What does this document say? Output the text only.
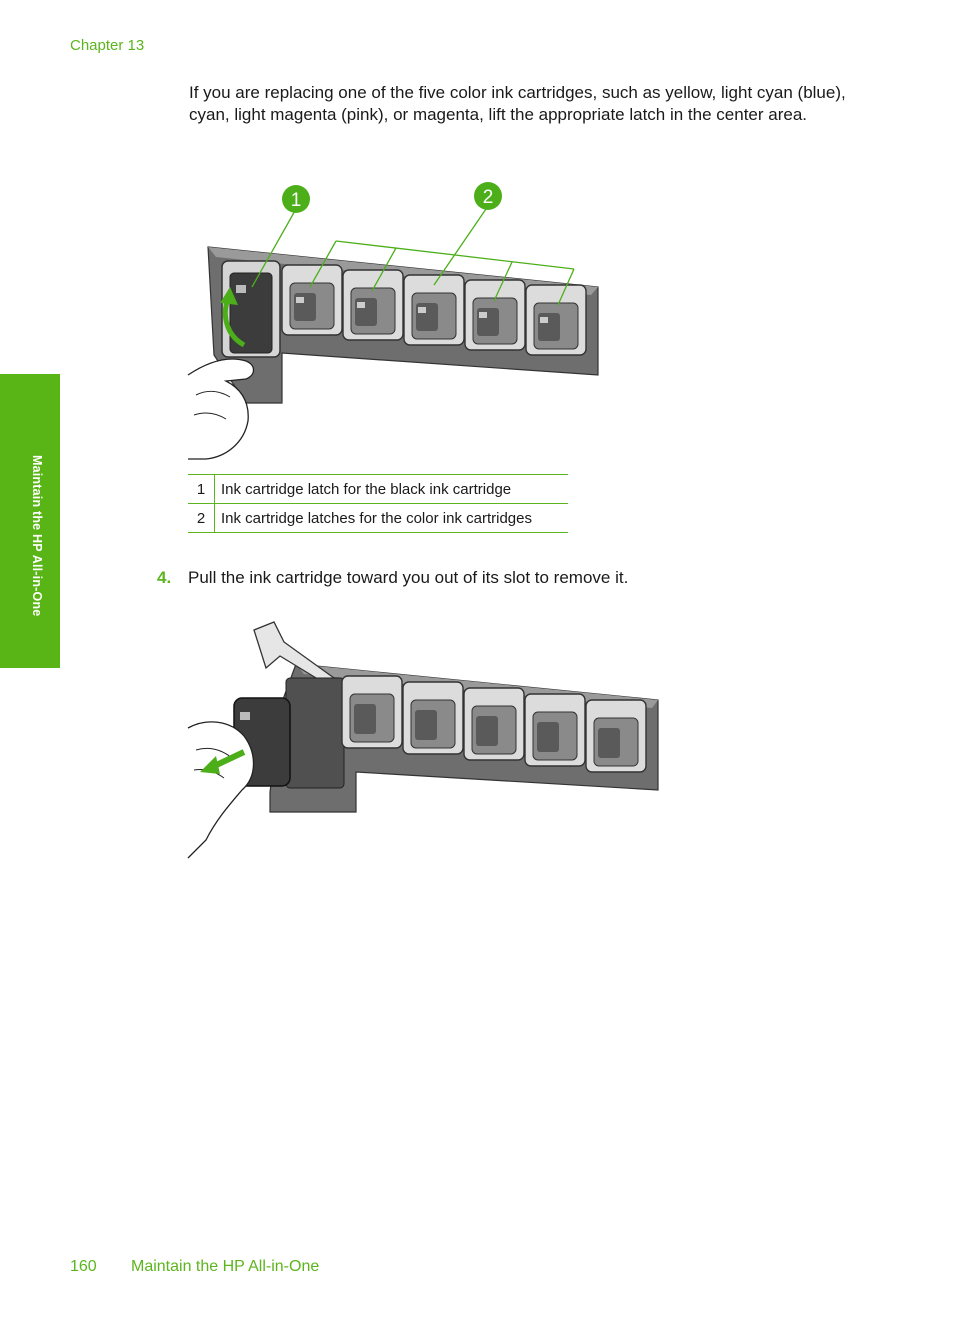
Chapter 13
Maintain the HP All-in-One
If you are replacing one of the five color ink cartridges, such as yellow, light cyan (blue), cyan, light magenta (pink), or magenta, lift the appropriate latch in the center area.
1	2
1	Ink cartridge latch for the black ink cartridge
2	Ink cartridge latches for the color ink cartridges
4. Pull the ink cartridge toward you out of its slot to remove it.
160 Maintain the HP All-in-One
